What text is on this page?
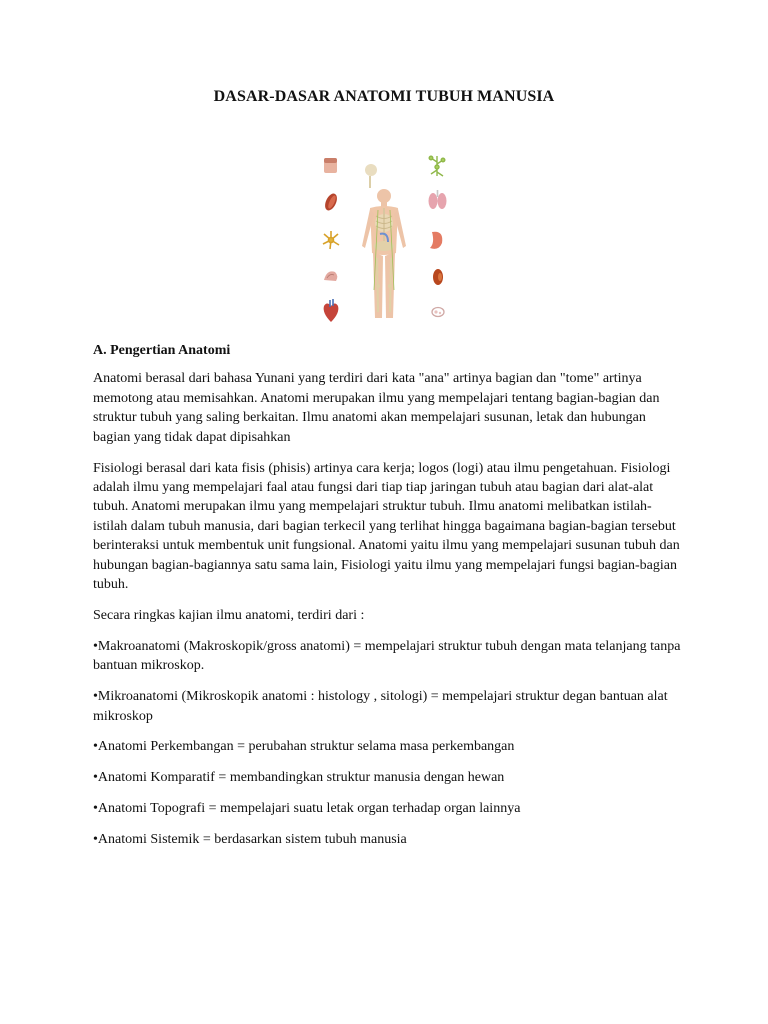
DASAR-DASAR ANATOMI TUBUH MANUSIA

A. Pengertian Anatomi

Anatomi berasal dari bahasa Yunani yang terdiri dari kata "ana" artinya bagian dan "tome" artinya memotong atau memisahkan. Anatomi merupakan ilmu yang mempelajari tentang bagian-bagian dan struktur tubuh yang saling berkaitan. Ilmu anatomi akan mempelajari susunan, letak dan hubungan bagian yang tidak dapat dipisahkan

Fisiologi berasal dari kata fisis (phisis) artinya cara kerja; logos (logi) atau ilmu pengetahuan. Fisiologi adalah ilmu yang mempelajari faal atau fungsi dari tiap tiap jaringan tubuh atau bagian dari alat-alat tubuh. Anatomi merupakan ilmu yang mempelajari struktur tubuh. Ilmu anatomi melibatkan istilah-istilah dalam tubuh manusia, dari bagian terkecil yang terlihat hingga bagaimana bagian-bagian tersebut berinteraksi untuk membentuk unit fungsional. Anatomi yaitu ilmu yang mempelajari susunan tubuh dan hubungan bagian-bagiannya satu sama lain, Fisiologi yaitu ilmu yang mempelajari fungsi bagian-bagian tubuh.

Secara ringkas kajian ilmu anatomi, terdiri dari :

•Makroanatomi (Makroskopik/gross anatomi) = mempelajari struktur tubuh dengan mata telanjang tanpa bantuan mikroskop.

•Mikroanatomi (Mikroskopik anatomi : histology , sitologi) = mempelajari struktur degan bantuan alat mikroskop

•Anatomi Perkembangan = perubahan struktur selama masa perkembangan

•Anatomi Komparatif = membandingkan struktur manusia dengan hewan

•Anatomi Topografi = mempelajari suatu letak organ terhadap organ lainnya

•Anatomi Sistemik = berdasarkan sistem tubuh manusia
